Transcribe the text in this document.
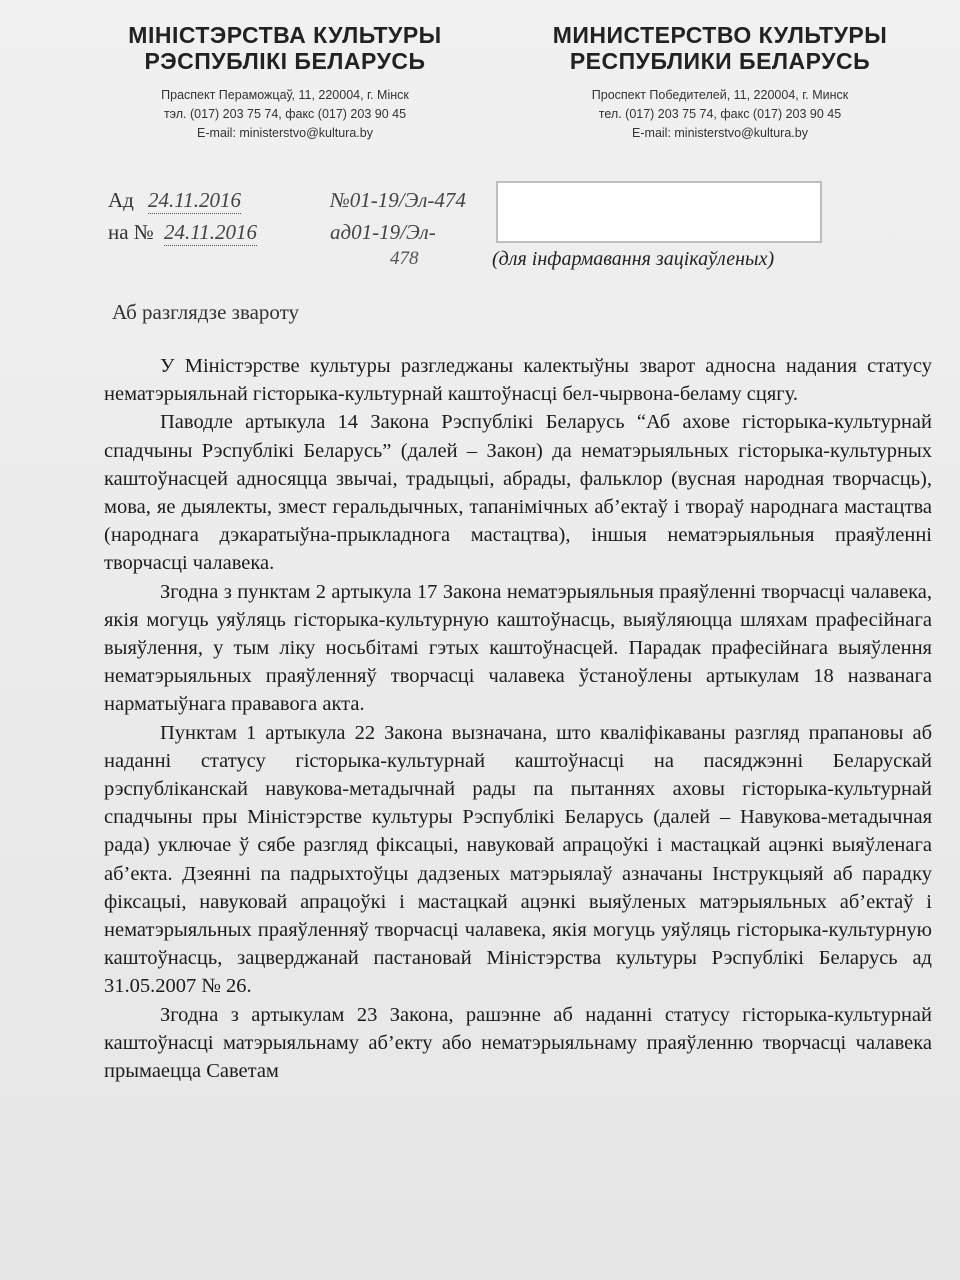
МІНІСТЭРСТВА КУЛЬТУРЫ
РЭСПУБЛІКІ БЕЛАРУСЬ
Праспект Пераможцаў, 11, 220004, г. Мінск
тэл. (017) 203 75 74, факс (017) 203 90 45
E-mail: ministerstvo@kultura.by
МИНИСТЕРСТВО КУЛЬТУРЫ
РЕСПУБЛИКИ БЕЛАРУСЬ
Проспект Победителей, 11, 220004, г. Минск
тел. (017) 203 75 74, факс (017) 203 90 45
E-mail: ministerstvo@kultura.by
Ад 24.11.2016	№01-19/Эл-474
на № 24.11.2016	ад01-19/Эл-
478	(для інфармавання зацікаўленых)
Аб разглядзе звароту

У Міністэрстве культуры разгледжаны калектыўны зварот адносна надания статусу нематэрыяльнай гісторыка-культурнай каштоўнасці бел-чырвона-беламу сцягу.

Паводле артыкула 14 Закона Рэспублікі Беларусь “Аб ахове гісторыка-культурнай спадчыны Рэспублікі Беларусь” (далей – Закон) да нематэрыяльных гісторыка-культурных каштоўнасцей адносяцца звычаі, традыцыі, абрады, фальклор (вусная народная творчасць), мова, яе дыялекты, змест геральдычных, тапанімічных аб’ектаў і твораў народнага мастацтва (народнага дэкаратыўна-прыкладнога мастацтва), іншыя нематэрыяльныя праяўленні творчасці чалавека.

Згодна з пунктам 2 артыкула 17 Закона нематэрыяльныя праяўленні творчасці чалавека, якія могуць уяўляць гісторыка-культурную каштоўнасць, выяўляюцца шляхам прафесійнага выяўлення, у тым ліку носьбітамі гэтых каштоўнасцей. Парадак прафесійнага выяўлення нематэрыяльных праяўленняў творчасці чалавека ўстаноўлены артыкулам 18 названага нарматыўнага прававога акта.

Пунктам 1 артыкула 22 Закона вызначана, што кваліфікаваны разгляд прапановы аб наданні статусу гісторыка-культурнай каштоўнасці на пасяджэнні Беларускай рэспубліканскай навукова-метадычнай рады па пытаннях аховы гісторыка-культурнай спадчыны пры Міністэрстве культуры Рэспублікі Беларусь (далей – Навукова-метадычная рада) уключае ў сябе разгляд фіксацыі, навуковай апрацоўкі і мастацкай ацэнкі выяўленага аб’екта. Дзеянні па падрыхтоўцы дадзеных матэрыялаў азначаны Інструкцыяй аб парадку фіксацыі, навуковай апрацоўкі і мастацкай ацэнкі выяўленых матэрыяльных аб’ектаў і нематэрыяльных праяўленняў творчасці чалавека, якія могуць уяўляць гісторыка-культурную каштоўнасць, зацверджанай пастановай Міністэрства культуры Рэспублікі Беларусь ад 31.05.2007 № 26.

Згодна з артыкулам 23 Закона, рашэнне аб наданні статусу гісторыка-культурнай каштоўнасці матэрыяльнаму аб’екту або нематэрыяльнаму праяўленню творчасці чалавека прымаецца Саветам
